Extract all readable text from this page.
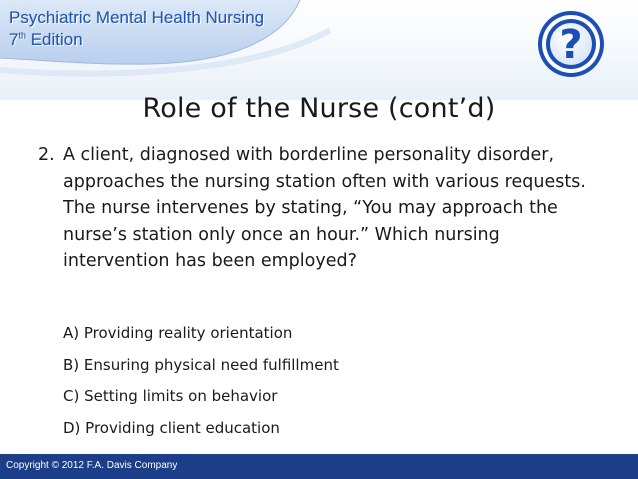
Psychiatric Mental Health Nursing
7th Edition	?
Role of the Nurse (cont’d)
2. A client, diagnosed with borderline personality disorder, approaches the nursing station often with various requests. The nurse intervenes by stating, “You may approach the nurse’s station only once an hour.” Which nursing intervention has been employed?
A) Providing reality orientation
B) Ensuring physical need fulfillment
C) Setting limits on behavior
D) Providing client education
Copyright © 2012 F.A. Davis Company
